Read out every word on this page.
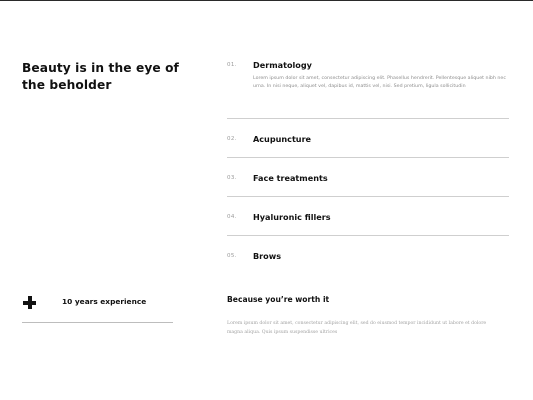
Beauty is in the eye of the beholder
01. Dermatology

Lorem ipsum dolor sit amet, consectetur adipiscing elit. Phasellus hendrerit. Pellentesque aliquet nibh nec urna. In nisi neque, aliquet vel, dapibus id, mattis vel, nisi. Sed pretium, ligula sollicitudin

02. Acupuncture
03. Face treatments
04. Hyaluronic fillers
05. Brows
10 years experience	Because you’re worth it

Lorem ipsum dolor sit amet, consectetur adipiscing elit, sed do eiusmod tempor incididunt ut labore et dolore magna aliqua. Quis ipsum suspendisse ultrices
